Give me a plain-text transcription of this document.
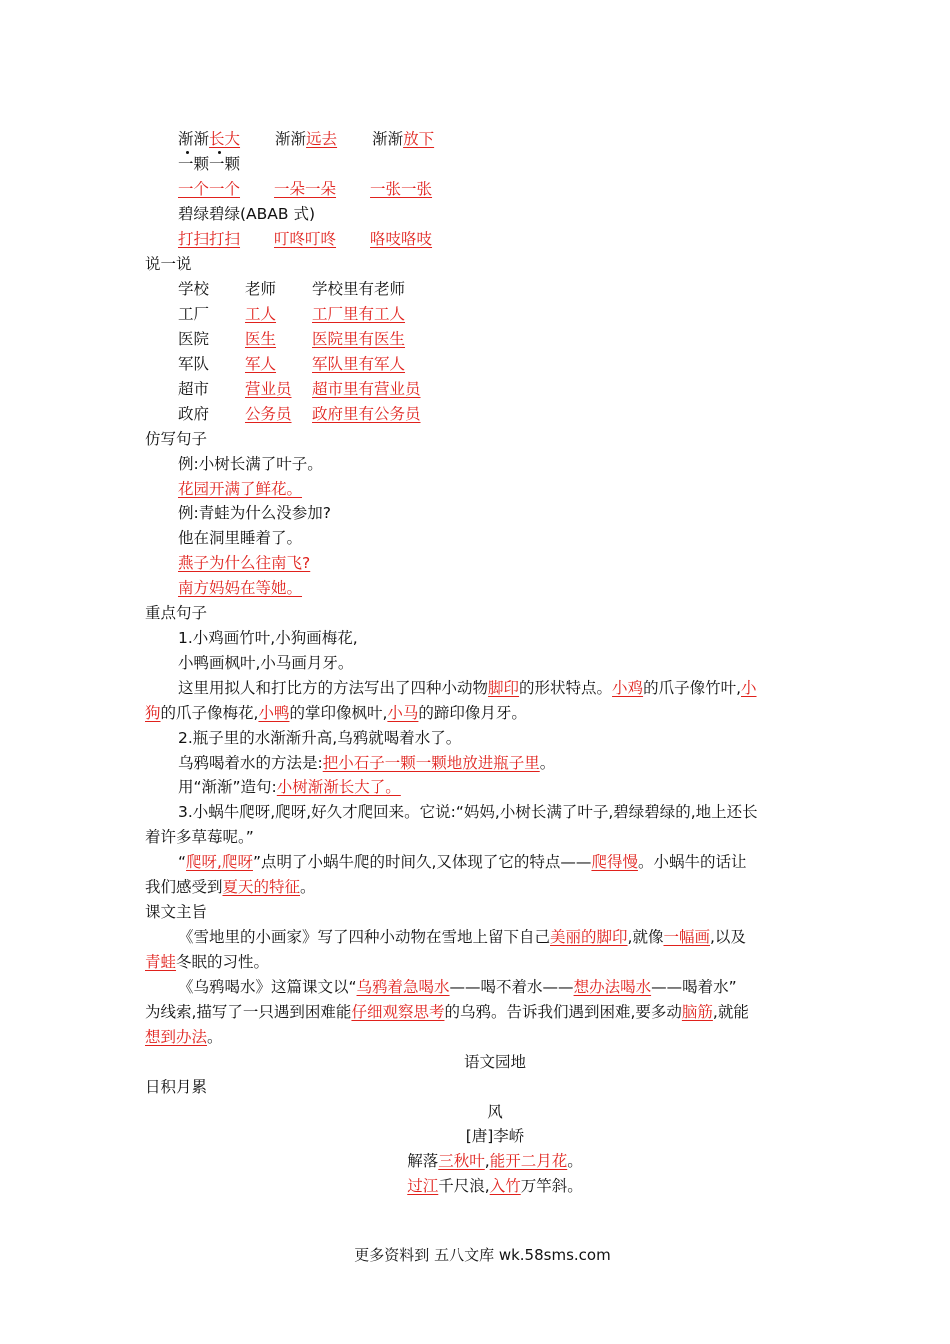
渐渐长大 渐渐远去 渐渐放下
一颗一颗
一个一个 一朵一朵 一张一张
碧绿碧绿(ABAB 式)
打扫打扫 叮咚叮咚 咯吱咯吱
说一说
学校 老师 学校里有老师
工厂 工人 工厂里有工人
医院 医生 医院里有医生
军队 军人 军队里有军人
超市 营业员 超市里有营业员
政府 公务员 政府里有公务员
仿写句子
例:小树长满了叶子。
花园开满了鲜花。
例:青蛙为什么没参加?
他在洞里睡着了。
燕子为什么往南飞?
南方妈妈在等她。
重点句子
1.小鸡画竹叶,小狗画梅花,
小鸭画枫叶,小马画月牙。
这里用拟人和打比方的方法写出了四种小动物脚印的形状特点。小鸡的爪子像竹叶,小
狗的爪子像梅花,小鸭的掌印像枫叶,小马的蹄印像月牙。
2.瓶子里的水渐渐升高,乌鸦就喝着水了。
乌鸦喝着水的方法是:把小石子一颗一颗地放进瓶子里。
用“渐渐”造句:小树渐渐长大了。
3.小蜗牛爬呀,爬呀,好久才爬回来。它说:“妈妈,小树长满了叶子,碧绿碧绿的,地上还长
着许多草莓呢。”
“爬呀,爬呀”点明了小蜗牛爬的时间久,又体现了它的特点——爬得慢。小蜗牛的话让
我们感受到夏天的特征。
课文主旨
《雪地里的小画家》写了四种小动物在雪地上留下自己美丽的脚印,就像一幅画,以及
青蛙冬眠的习性。
《乌鸦喝水》这篇课文以“乌鸦着急喝水——喝不着水——想办法喝水——喝着水”
为线索,描写了一只遇到困难能仔细观察思考的乌鸦。告诉我们遇到困难,要多动脑筋,就能
想到办法。
语文园地
日积月累
风
[唐]李峤
解落三秋叶,能开二月花。
过江千尺浪,入竹万竿斜。
更多资料到 五八文库 wk.58sms.com
